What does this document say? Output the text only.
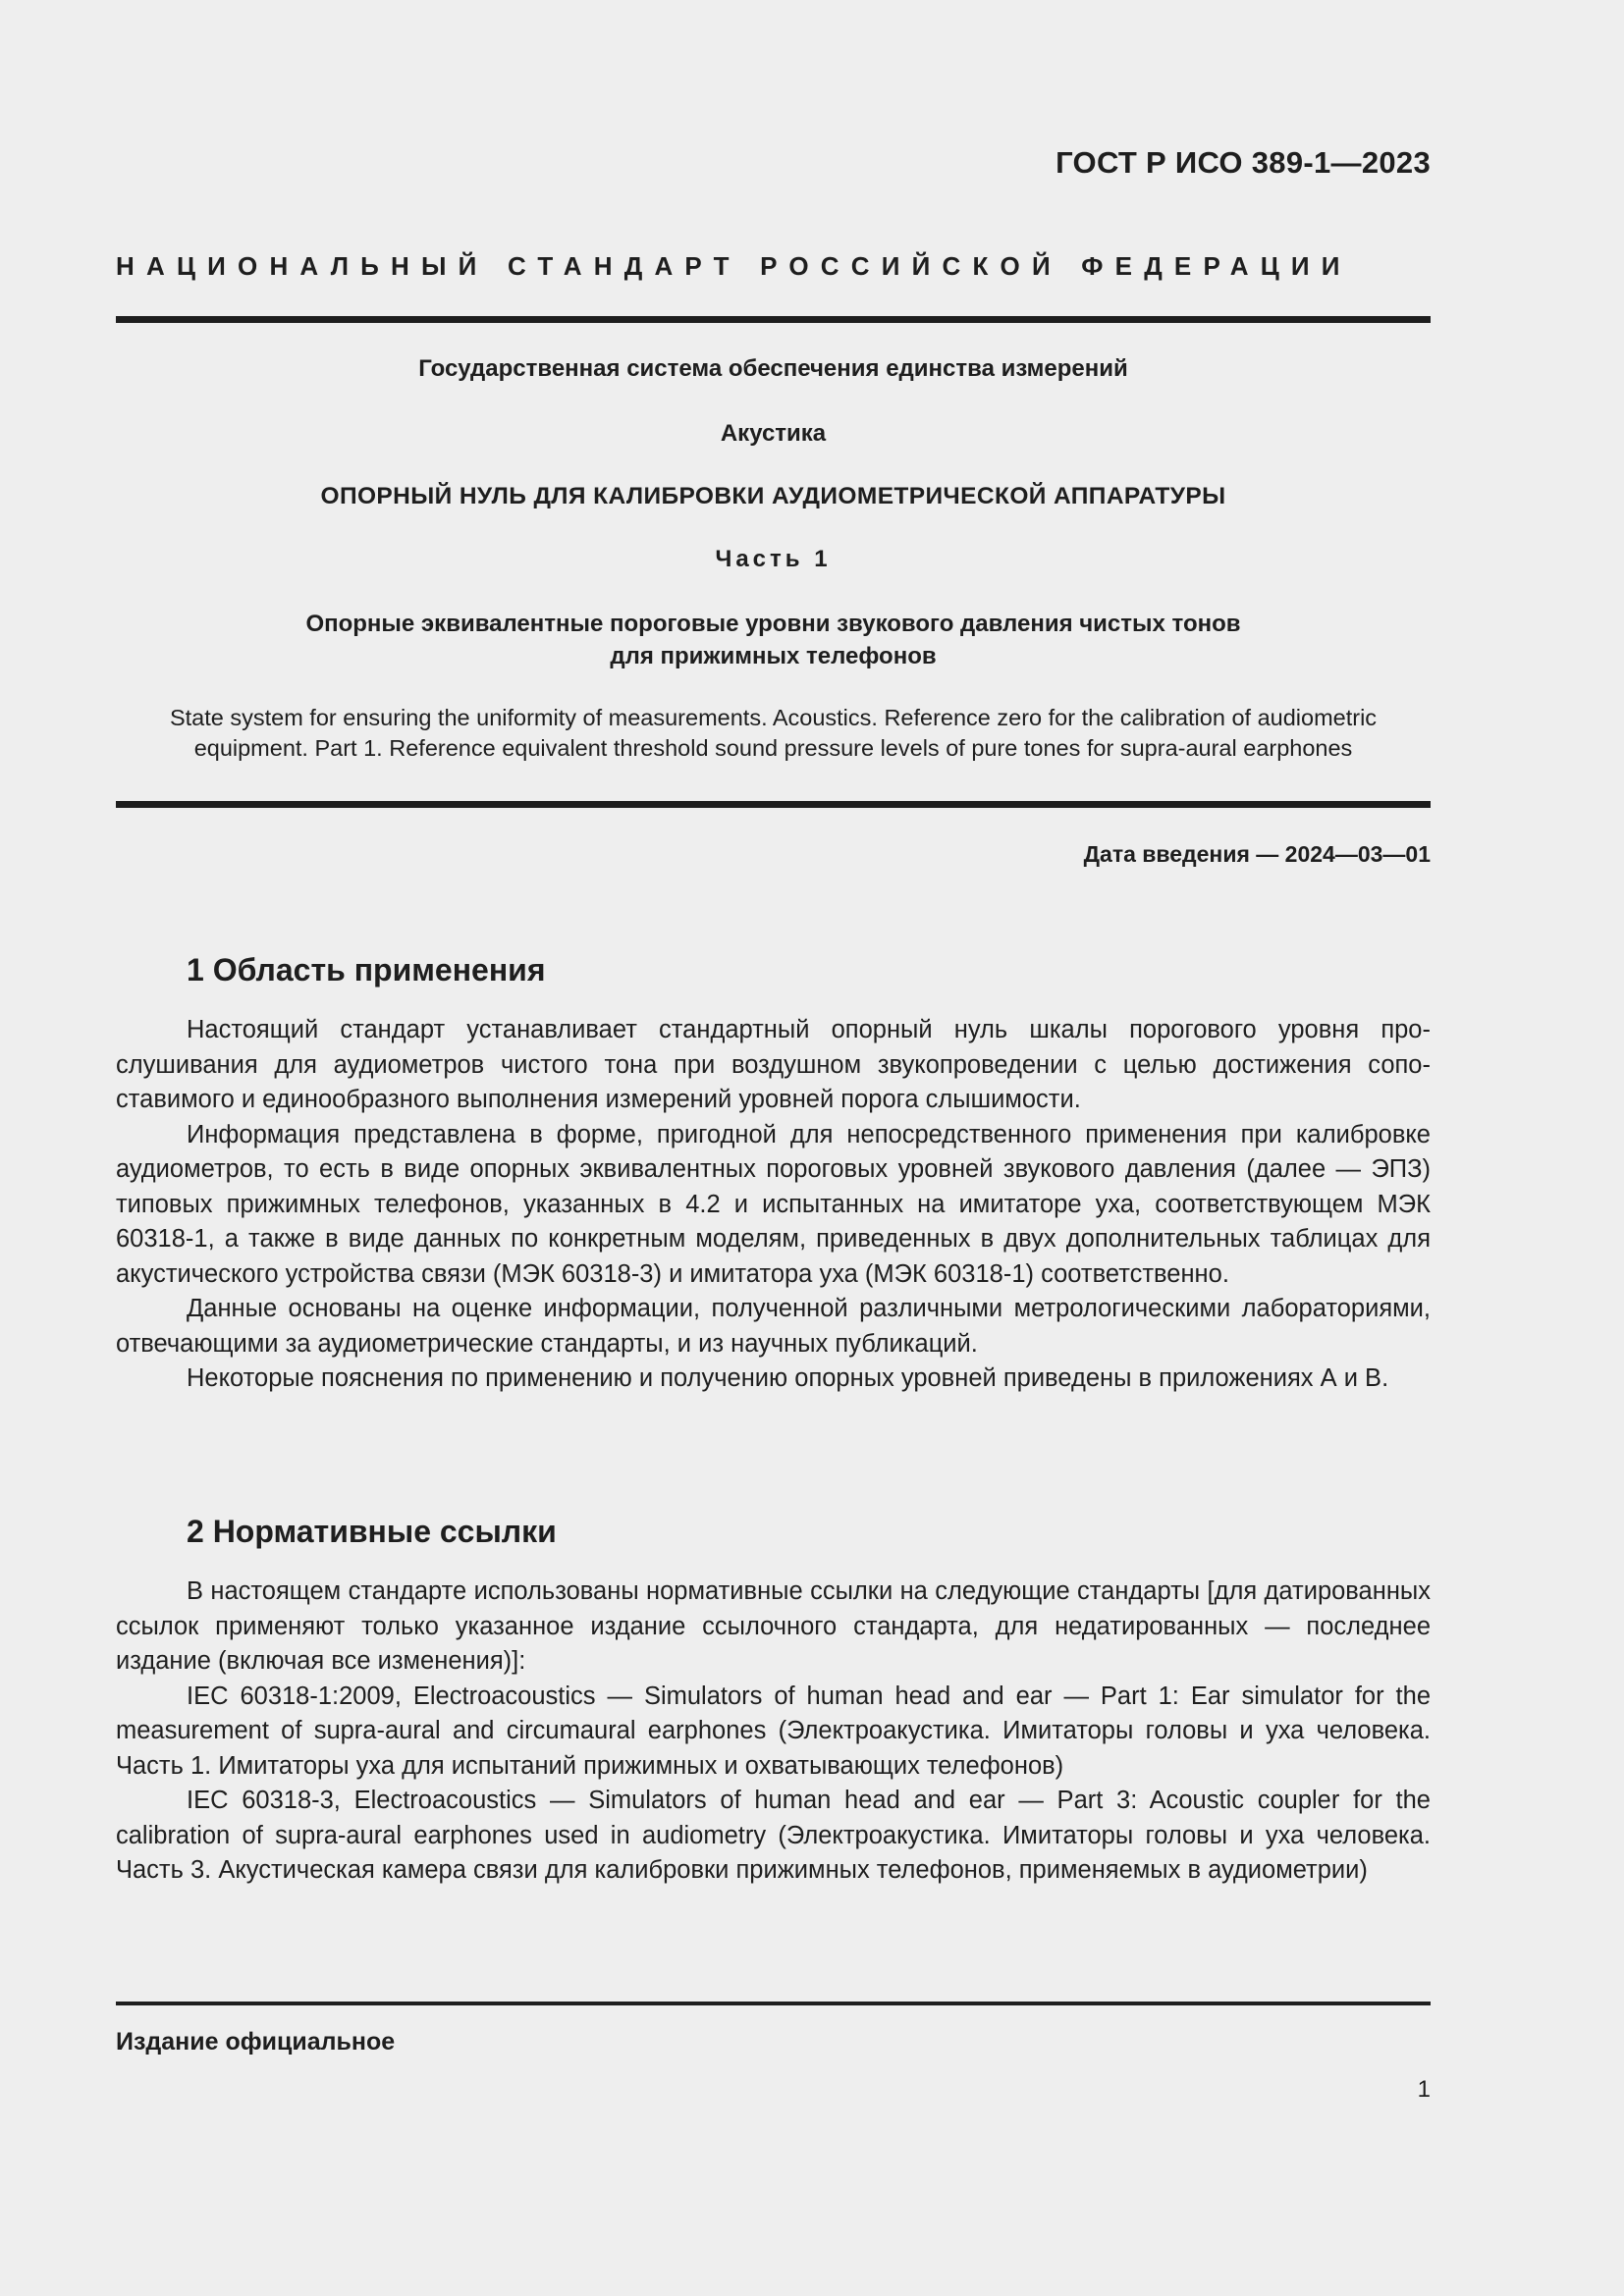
ГОСТ Р ИСО 389-1—2023
НАЦИОНАЛЬНЫЙ СТАНДАРТ РОССИЙСКОЙ ФЕДЕРАЦИИ
Государственная система обеспечения единства измерений
Акустика
ОПОРНЫЙ НУЛЬ ДЛЯ КАЛИБРОВКИ АУДИОМЕТРИЧЕСКОЙ АППАРАТУРЫ
Часть 1
Опорные эквивалентные пороговые уровни звукового давления чистых тонов
для прижимных телефонов
State system for ensuring the uniformity of measurements. Acoustics. Reference zero for the calibration of audiometric
equipment. Part 1. Reference equivalent threshold sound pressure levels of pure tones for supra-aural earphones
Дата введения — 2024—03—01
1 Область применения

Настоящий стандарт устанавливает стандартный опорный нуль шкалы порогового уровня прослушивания для аудиометров чистого тона при воздушном звукопроведении с целью достижения сопоставимого и единообразного выполнения измерений уровней порога слышимости.

Информация представлена в форме, пригодной для непосредственного применения при калибровке аудиометров, то есть в виде опорных эквивалентных пороговых уровней звукового давления (далее — ЭПЗ) типовых прижимных телефонов, указанных в 4.2 и испытанных на имитаторе уха, соответствующем МЭК 60318-1, а также в виде данных по конкретным моделям, приведенных в двух дополнительных таблицах для акустического устройства связи (МЭК 60318-3) и имитатора уха (МЭК 60318-1) соответственно.

Данные основаны на оценке информации, полученной различными метрологическими лабораториями, отвечающими за аудиометрические стандарты, и из научных публикаций.

Некоторые пояснения по применению и получению опорных уровней приведены в приложениях А и В.

2 Нормативные ссылки

В настоящем стандарте использованы нормативные ссылки на следующие стандарты [для датированных ссылок применяют только указанное издание ссылочного стандарта, для недатированных — последнее издание (включая все изменения)]:

IEC 60318-1:2009, Electroacoustics — Simulators of human head and ear — Part 1: Ear simulator for the measurement of supra-aural and circumaural earphones (Электроакустика. Имитаторы головы и уха человека. Часть 1. Имитаторы уха для испытаний прижимных и охватывающих телефонов)

IEC 60318-3, Electroacoustics — Simulators of human head and ear — Part 3: Acoustic coupler for the calibration of supra-aural earphones used in audiometry (Электроакустика. Имитаторы головы и уха человека. Часть 3. Акустическая камера связи для калибровки прижимных телефонов, применяемых в аудиометрии)

Издание официальное
1
